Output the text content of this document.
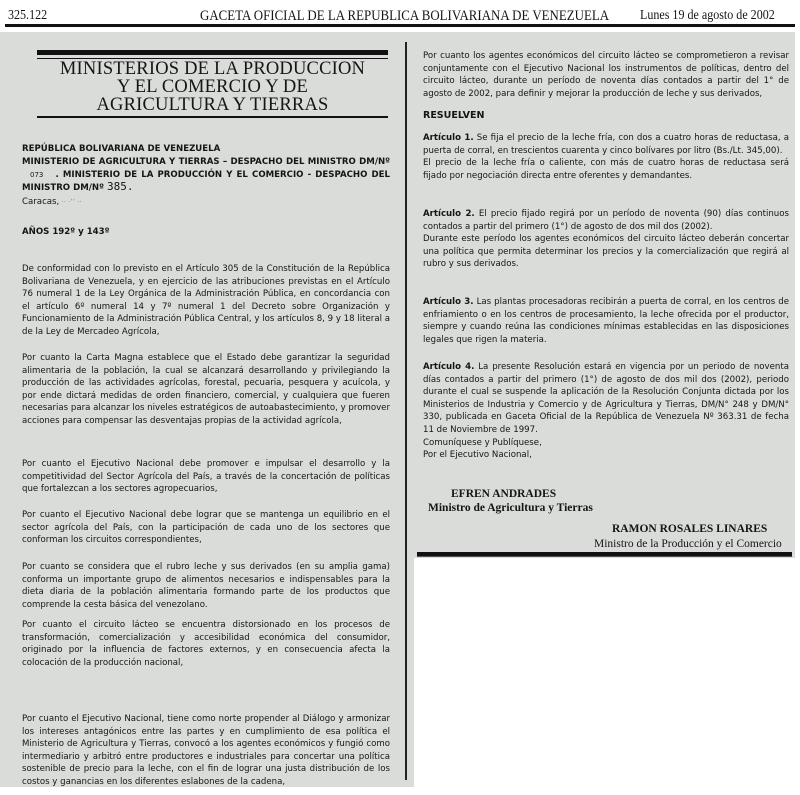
325.122	GACETA OFICIAL DE LA REPUBLICA BOLIVARIANA DE VENEZUELA Lunes 19 de agosto de 2002
MINISTERIOS DE LA PRODUCCION
Y EL COMERCIO Y DE
AGRICULTURA Y TIERRAS
REPÚBLICA BOLIVARIANA DE VENEZUELA
MINISTERIO DE AGRICULTURA Y TIERRAS – DESPACHO DEL MINISTRO DM/Nº 073 . MINISTERIO DE LA PRODUCCIÓN Y EL COMERCIO - DESPACHO DEL MINISTRO DM/Nº 385.
Caracas, ·· ·ʼʼ ··
AÑOS 192º y 143º
De conformidad con lo previsto en el Artículo 305 de la Constitución de la República Bolivariana de Venezuela, y en ejercicio de las atribuciones previstas en el Artículo 76 numeral 1 de la Ley Orgánica de la Administración Pública, en concordancia con el artículo 6º numeral 14 y 7º numeral 1 del Decreto sobre Organización y Funcionamiento de la Administración Pública Central, y los artículos 8, 9 y 18 literal a de la Ley de Mercadeo Agrícola,
Por cuanto la Carta Magna establece que el Estado debe garantizar la seguridad alimentaria de la población, la cual se alcanzará desarrollando y privilegiando la producción de las actividades agrícolas, forestal, pecuaria, pesquera y acuícola, y por ende dictará medidas de orden financiero, comercial, y cualquiera que fueren necesarias para alcanzar los niveles estratégicos de autoabastecimiento, y promover acciones para compensar las desventajas propias de la actividad agrícola,
Por cuanto el Ejecutivo Nacional debe promover e impulsar el desarrollo y la competitividad del Sector Agrícola del País, a través de la concertación de políticas que fortalezcan a los sectores agropecuarios,
Por cuanto el Ejecutivo Nacional debe lograr que se mantenga un equilibrio en el sector agrícola del País, con la participación de cada uno de los sectores que conforman los circuitos correspondientes,
Por cuanto se considera que el rubro leche y sus derivados (en su amplia gama) conforma un importante grupo de alimentos necesarios e indispensables para la dieta diaria de la población alimentaria formando parte de los productos que comprende la cesta básica del venezolano.
Por cuanto el circuito lácteo se encuentra distorsionado en los procesos de transformación, comercialización y accesibilidad económica del consumidor, originado por la influencia de factores externos, y en consecuencia afecta la colocación de la producción nacional,
Por cuanto el Ejecutivo Nacional, tiene como norte propender al Diálogo y armonizar los intereses antagónicos entre las partes y en cumplimiento de esa política el Ministerio de Agricultura y Tierras, convocó a los agentes económicos y fungió como intermediario y arbitró entre productores e industriales para concertar una política sostenible de precio para la leche, con el fin de lograr una justa distribución de los costos y ganancias en los diferentes eslabones de la cadena,
Por cuanto los agentes económicos del circuito lácteo se comprometieron a revisar conjuntamente con el Ejecutivo Nacional los instrumentos de políticas, dentro del circuito lácteo, durante un período de noventa días contados a partir del 1° de agosto de 2002, para definir y mejorar la producción de leche y sus derivados,
RESUELVEN
Artículo 1. Se fija el precio de la leche fría, con dos a cuatro horas de reductasa, a puerta de corral, en trescientos cuarenta y cinco bolívares por litro (Bs./Lt. 345,00).
El precio de la leche fría o caliente, con más de cuatro horas de reductasa será fijado por negociación directa entre oferentes y demandantes.
Artículo 2. El precio fijado regirá por un período de noventa (90) días continuos contados a partir del primero (1°) de agosto de dos mil dos (2002).
Durante este período los agentes económicos del circuito lácteo deberán concertar una política que permita determinar los precios y la comercialización que regirá al rubro y sus derivados.
Artículo 3. Las plantas procesadoras recibirán a puerta de corral, en los centros de enfriamiento o en los centros de procesamiento, la leche ofrecida por el productor, siempre y cuando reúna las condiciones mínimas establecidas en las disposiciones legales que rigen la materia.
Artículo 4. La presente Resolución estará en vigencia por un periodo de noventa días contados a partir del primero (1°) de agosto de dos mil dos (2002), periodo durante el cual se suspende la aplicación de la Resolución Conjunta dictada por los Ministerios de Industria y Comercio y de Agricultura y Tierras, DM/N° 248 y DM/N° 330, publicada en Gaceta Oficial de la República de Venezuela Nº 363.31 de fecha 11 de Noviembre de 1997.
Comuníquese y Publíquese,
Por el Ejecutivo Nacional,
EFREN ANDRADES
Ministro de Agricultura y Tierras
RAMON ROSALES LINARES
Ministro de la Producción y el Comercio
